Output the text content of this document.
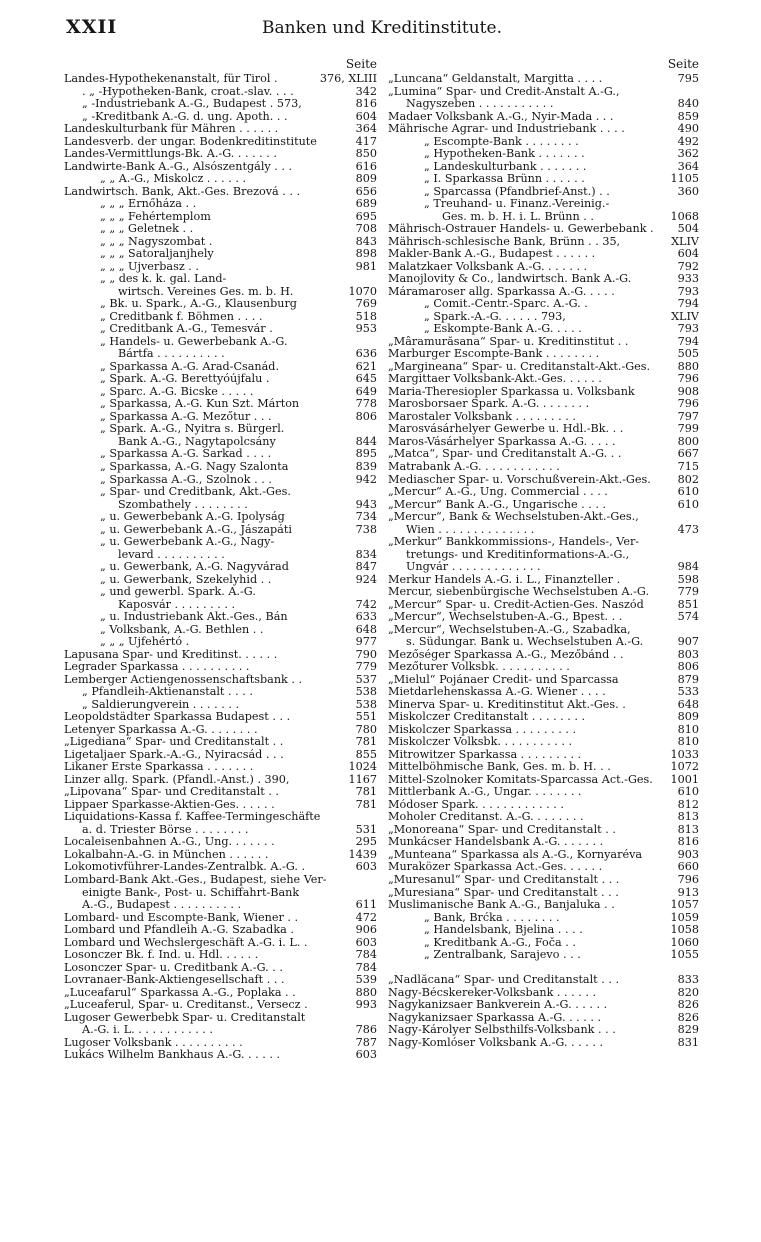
XXII	Banken und Kreditinstitute.
Seite
Landes-Hypothekenanstalt, für Tirol .	376, XLIII
. „ -Hypotheken-Bank, croat.-slav. . . .	342
„ -Industriebank A.-G., Budapest . 573,	816
„ -Kreditbank A.-G. d. ung. Apoth. . .	604
Landeskulturbank für Mähren . . . . . .	364
Landesverb. der ungar. Bodenkreditinstitute	417
Landes-Vermittlungs-Bk. A.-G. . . . . . .	850
Landwirte-Bank A.-G., Alsószentgály . . .	616
„ „ A.-G., Miskolcz . . . . . .	809
Landwirtsch. Bank, Akt.-Ges. Brezová . . .	656
„ „ „ Ernőháza . .	689
„ „ „ Fehértemplom	695
„ „ „ Geletnek . .	708
„ „ „ Nagyszombat .	843
„ „ „ Satoraljanjhely	898
„ „ „ Ujverbasz . .	981
„ „ des k. k. gal. Land-
wirtsch. Vereines Ges. m. b. H.	1070
„ Bk. u. Spark., A.-G., Klausenburg	769
„ Creditbank f. Böhmen . . . .	518
„ Creditbank A.-G., Temesvár .	953
„ Handels- u. Gewerbebank A.-G.
Bártfa . . . . . . . . . .	636
„ Sparkassa A.-G. Arad-Csanád.	621
„ Spark. A.-G. Berettyóújfalu .	645
„ Sparc. A.-G. Bicske . . . . .	649
„ Sparkassa, A.-G. Kun Szt. Márton	778
„ Sparkassa A.-G. Mezőtur . . .	806
„ Spark. A.-G., Nyitra s. Bürgerl.
Bank A.-G., Nagytapolcsány	844
„ Sparkassa A.-G. Sarkad . . . .	895
„ Sparkassa, A.-G. Nagy Szalonta	839
„ Sparkassa A.-G., Szolnok . . .	942
„ Spar- und Creditbank, Akt.-Ges.
Szombathely . . . . . . . .	943
„ u. Gewerbebank A.-G. Ipolyság	734
„ u. Gewerbebank A.-G., Jászapáti	738
„ u. Gewerbebank A.-G., Nagy-
levard . . . . . . . . . .	834
„ u. Gewerbank, A.-G. Nagyvárad	847
„ u. Gewerbank, Szekelyhid . .	924
„ und gewerbl. Spark. A.-G.
Kaposvár . . . . . . . . .	742
„ u. Industriebank Akt.-Ges., Bán	633
„ Volksbank, A.-G. Bethlen . .	648
„ „ „ Ujfehértó .	977
Lapusana Spar- und Kreditinst. . . . . .	790
Legrader Sparkassa . . . . . . . . . .	779
Lemberger Actiengenossenschaftsbank . .	537
„ Pfandleih-Aktienanstalt . . . .	538
„ Saldierungverein . . . . . . .	538
Leopoldstädter Sparkassa Budapest . . .	551
Letenyer Sparkassa A.-G. . . . . . . .	780
„Ligediana“ Spar- und Creditanstalt . .	781
Ligetaljaer Spark.-A.-G., Nyiracsád . . .	855
Likaner Erste Sparkassa . . . . . . .	1024
Linzer allg. Spark. (Pfandl.-Anst.) . 390,	1167
„Lipovana“ Spar- und Creditanstalt . .	781
Lippaer Sparkasse-Aktien-Ges. . . . . .	781
Liquidations-Kassa f. Kaffee-Termingeschäfte
a. d. Triester Börse . . . . . . . .	531
Localeisenbahnen A.-G., Ung. . . . . . .	295
Lokalbahn-A.-G. in München . . . . . .	1439
Lokomotivführer-Landes-Zentralbk. A.-G. .	603
Lombard-Bank Akt.-Ges., Budapest, siehe Ver-
einigte Bank-, Post- u. Schiffahrt-Bank
A.-G., Budapest . . . . . . . . . .	611
Lombard- und Escompte-Bank, Wiener . .	472
Lombard und Pfandleih A.-G. Szabadka .	906
Lombard und Wechslergeschäft A.-G. i. L. .	603
Losonczer Bk. f. Ind. u. Hdl. . . . . .	784
Losonczer Spar- u. Creditbank A.-G. . .	784
Lovranaer-Bank-Aktiengesellschaft . . .	539
„Luceafarul“ Sparkassa A.-G., Poplaka . .	880
„Luceaferul, Spar- u. Creditanst., Versecz .	993
Lugoser Gewerbebk Spar- u. Creditanstalt
A.-G. i. L. . . . . . . . . . . .	786
Lugoser Volksbank . . . . . . . . . .	787
Lukács Wilhelm Bankhaus A.-G. . . . . .	603
Seite
„Luncana“ Geldanstalt, Margitta . . . .	795
„Lumina“ Spar- und Credit-Anstalt A.-G.,
Nagyszeben . . . . . . . . . . .	840
Madaer Volksbank A.-G., Nyir-Mada . . .	859
Mährische Agrar- und Industriebank . . . .	490
„ Escompte-Bank . . . . . . . .	492
„ Hypotheken-Bank . . . . . . .	362
„ Landeskulturbank . . . . . . .	364
„ I. Sparkassa Brünn . . . . . .	1105
„ Sparcassa (Pfandbrief-Anst.) . .	360
„ Treuhand- u. Finanz.-Vereinig.-
Ges. m. b. H. i. L. Brünn . .	1068
Mährisch-Ostrauer Handels- u. Gewerbebank . 504
Mährisch-schlesische Bank, Brünn . . 35,	XLIV
Makler-Bank A.-G., Budapest . . . . . .	604
Malatzkaer Volksbank A.-G. . . . . . .	792
Manojlovity & Co., landwirtsch. Bank A.-G.	933
Máramaroser allg. Sparkassa A.-G. . . . .	793
„ Comit.-Centr.-Sparc. A.-G. .	794
„ Spark.-A.-G. . . . . . 793,	XLIV
„ Eskompte-Bank A.-G. . . . .	793
„Mâramurăsana“ Spar- u. Kreditinstitut . .	794
Marburger Escompte-Bank . . . . . . . .	505
„Margineana“ Spar- u. Creditanstalt-Akt.-Ges. 880
Margittaer Volksbank-Akt.-Ges. . . . . .	796
Maria-Theresiopler Sparkassa u. Volksbank	908
Marosborsaer Spark. A.-G. . . . . . . .	796
Marostaler Volksbank . . . . . . . . .	797
Marosvásárhelyer Gewerbe u. Hdl.-Bk. . .	799
Maros-Vásárhelyer Sparkassa A.-G. . . . .	800
„Matca“, Spar- und Creditanstalt A.-G. . .	667
Matrabank A.-G. . . . . . . . . . . .	715
Mediascher Spar- u. Vorschußverein-Akt.-Ges. 802
„Mercur“ A.-G., Ung. Commercial . . . .	610
„Mercur“ Bank A.-G., Ungarische . . . .	610
„Mercur“, Bank & Wechselstuben-Akt.-Ges.,
Wien . . . . . . . . . . . . . .	473
„Merkur“ Bankkommissions-, Handels-, Ver-
tretungs- und Kreditinformations-A.-G.,
Ungvár . . . . . . . . . . . . .	984
Merkur Handels A.-G. i. L., Finanzteller .	598
Mercur, siebenbürgische Wechselstuben A.-G.	779
„Mercur“ Spar- u. Credit-Actien-Ges. Naszód	851
„Mercur“, Wechselstuben-A.-G., Bpest. . .	574
„Mercur“, Wechselstuben-A.-G., Szabadka,
s. Südungar. Bank u. Wechselstuben A.-G.	907
Mezőséger Sparkassa A.-G., Mezőbánd . .	803
Mezőturer Volksbk. . . . . . . . . . .	806
„Mielul“ Pojánaer Credit- und Sparcassa	879
Mietdarlehenskassa A.-G. Wiener . . . .	533
Minerva Spar- u. Kreditinstitut Akt.-Ges. .	648
Miskolczer Creditanstalt . . . . . . . .	809
Miskolczer Sparkassa . . . . . . . . .	810
Miskolczer Volksbk. . . . . . . . . . .	810
Mitrowitzer Sparkassa . . . . . . . . .	1033
Mittelböhmische Bank, Ges. m. b. H. . .	1072
Mittel-Szolnoker Komitats-Sparcassa Act.-Ges. 1001
Mittlerbank A.-G., Ungar. . . . . . . .	610
Módoser Spark. . . . . . . . . . . . .	812
Moholer Creditanst. A.-G. . . . . . . .	813
„Monoreana“ Spar- und Creditanstalt . .	813
Munkácser Handelsbank A.-G. . . . . . .	816
„Munteana“ Sparkassa als A.-G., Kornyaréva	903
Muraközer Sparkassa Act.-Ges. . . . . .	660
„Muresanul“ Spar- und Creditanstalt . . .	796
„Muresiana“ Spar- und Creditanstalt . . .	913
Muslimanische Bank A.-G., Banjaluka . .	1057
„ Bank, Brćka . . . . . . . .	1059
„ Handelsbank, Bjelina . . . .	1058
„ Kreditbank A.-G., Foča . .	1060
„ Zentralbank, Sarajevo . . .	1055
„Nadlăcana“ Spar- und Creditanstalt . . .	833
Nagy-Bécskereker-Volksbank . . . . . .	820
Nagykanizsaer Bankverein A.-G. . . . . .	826
Nagykanizsaer Sparkassa A.-G. . . . . .	826
Nagy-Károlyer Selbsthilfs-Volksbank . . .	829
Nagy-Komlóser Volksbank A.-G. . . . . .	831
